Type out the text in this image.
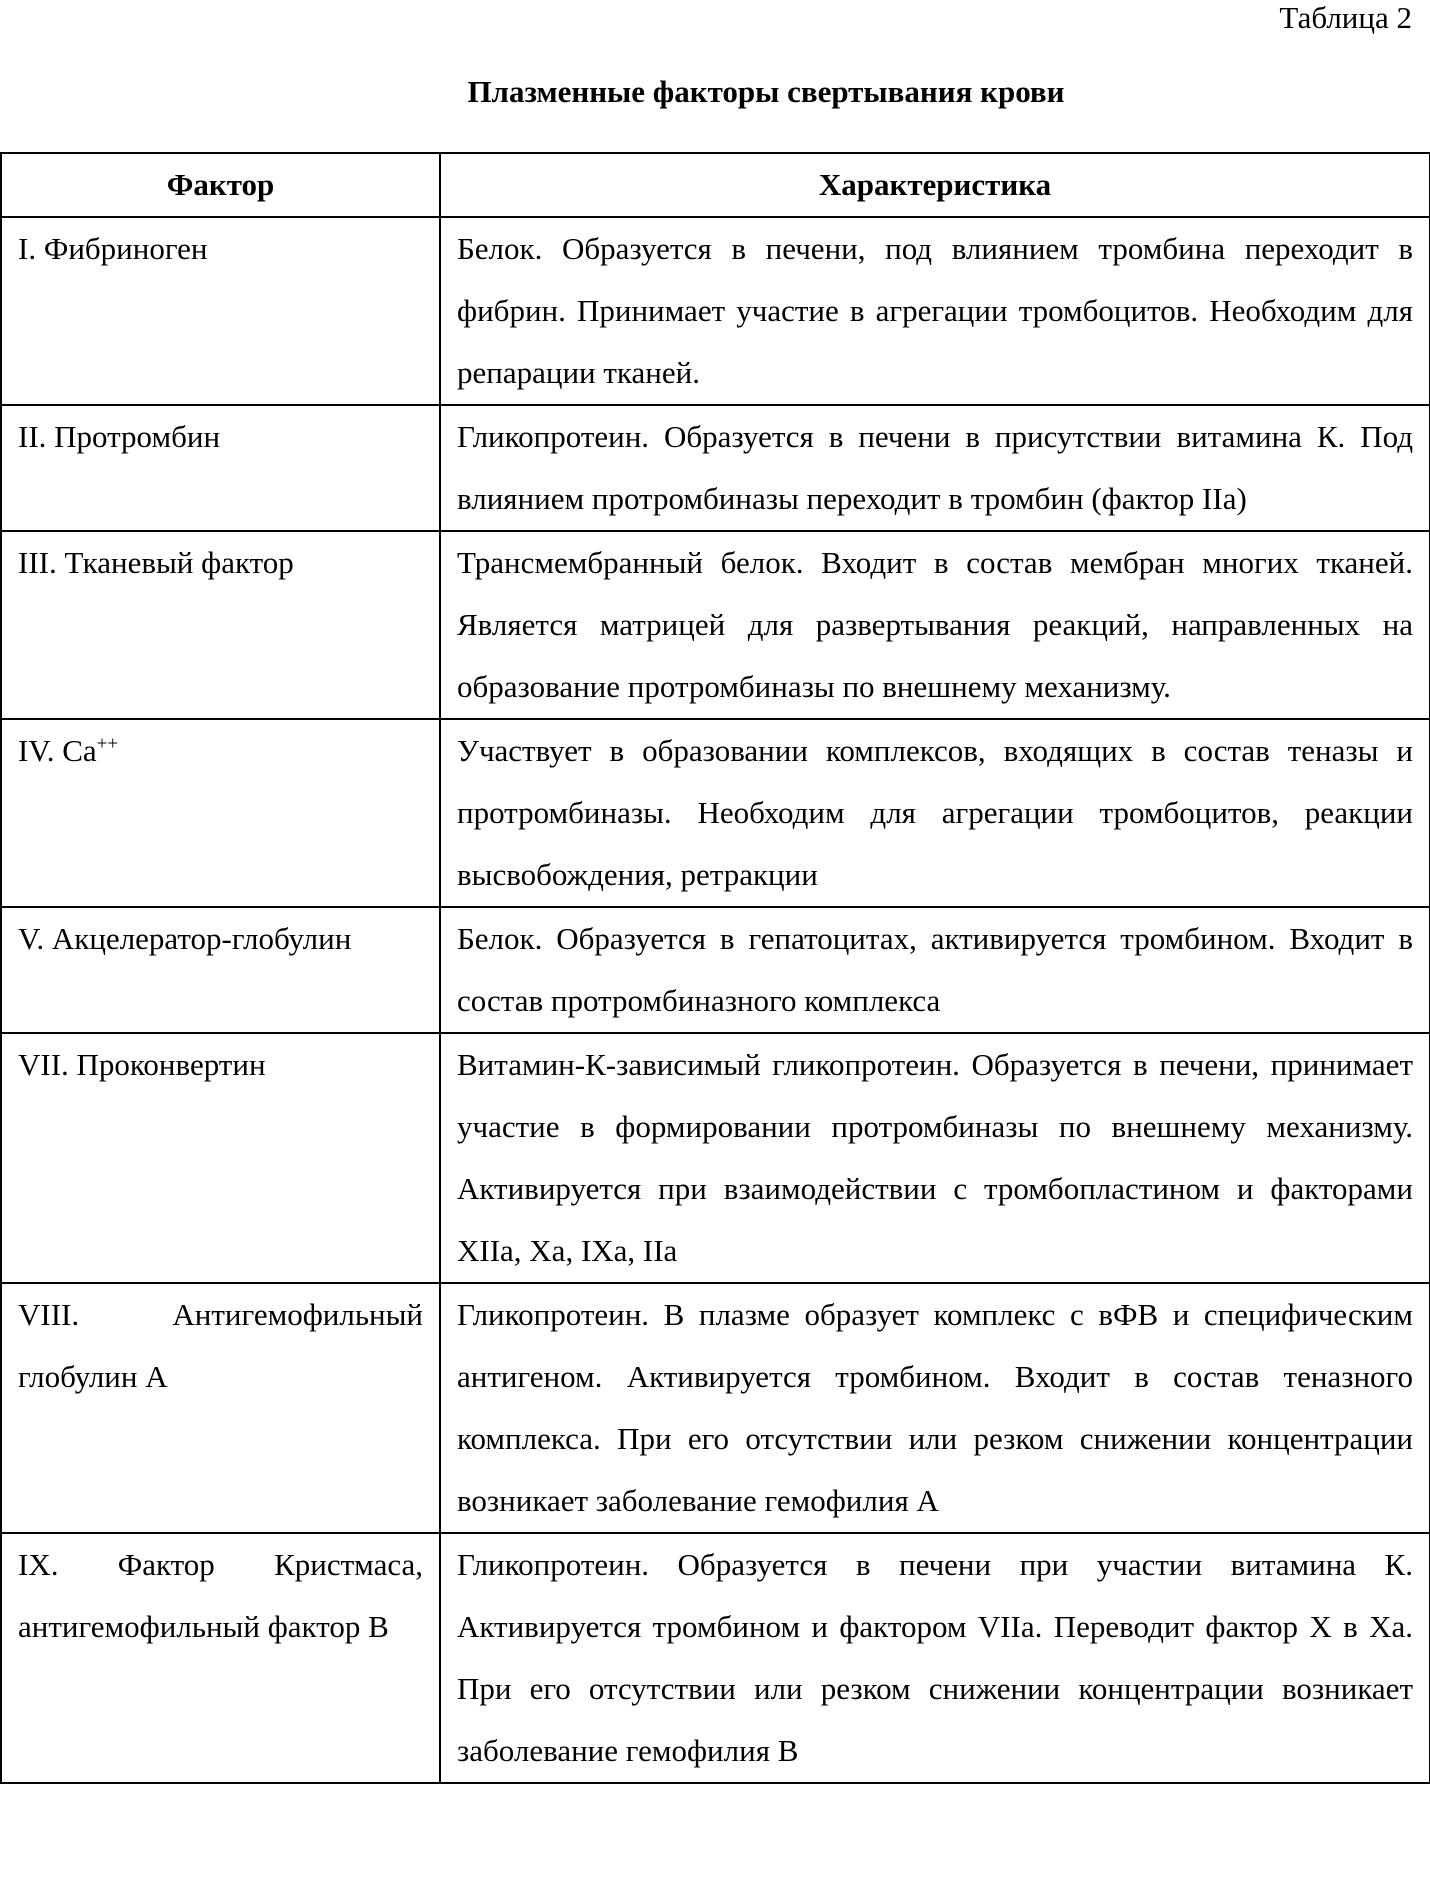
Таблица 2
Плазменные факторы свертывания крови
Фактор	Характеристика
I. Фибриноген	Белок. Образуется в печени, под влиянием тромбина переходит в фибрин. Принимает участие в агрегации тромбоцитов. Необходим для репарации тканей.
II. Протромбин	Гликопротеин. Образуется в печени в присутствии витамина К. Под влиянием протромбиназы переходит в тромбин (фактор IIa)
III. Тканевый фактор	Трансмембранный белок. Входит в состав мембран многих тканей. Является матрицей для развертывания реакций, направленных на образование протромбиназы по внешнему механизму.
IV. Ca++	Участвует в образовании комплексов, входящих в состав теназы и протромбиназы. Необходим для агрегации тромбоцитов, реакции высвобождения, ретракции
V. Акцелератор-глобулин	Белок. Образуется в гепатоцитах, активируется тромбином. Входит в состав протромбиназного комплекса
VII. Проконвертин	Витамин-К-зависимый гликопротеин. Образуется в печени, принимает участие в формировании протромбиназы по внешнему механизму. Активируется при взаимодействии с тромбопластином и факторами XIIa, Xa, IXa, IIa
VIII. Антигемофильный глобулин А	Гликопротеин. В плазме образует комплекс с вФВ и специфическим антигеном. Активируется тромбином. Входит в состав теназного комплекса. При его отсутствии или резком снижении концентрации возникает заболевание гемофилия А
IX. Фактор Кристмаса, антигемофильный фактор В	Гликопротеин. Образуется в печени при участии витамина К. Активируется тромбином и фактором VIIa. Переводит фактор X в Xa. При его отсутствии или резком снижении концентрации возникает заболевание гемофилия В
